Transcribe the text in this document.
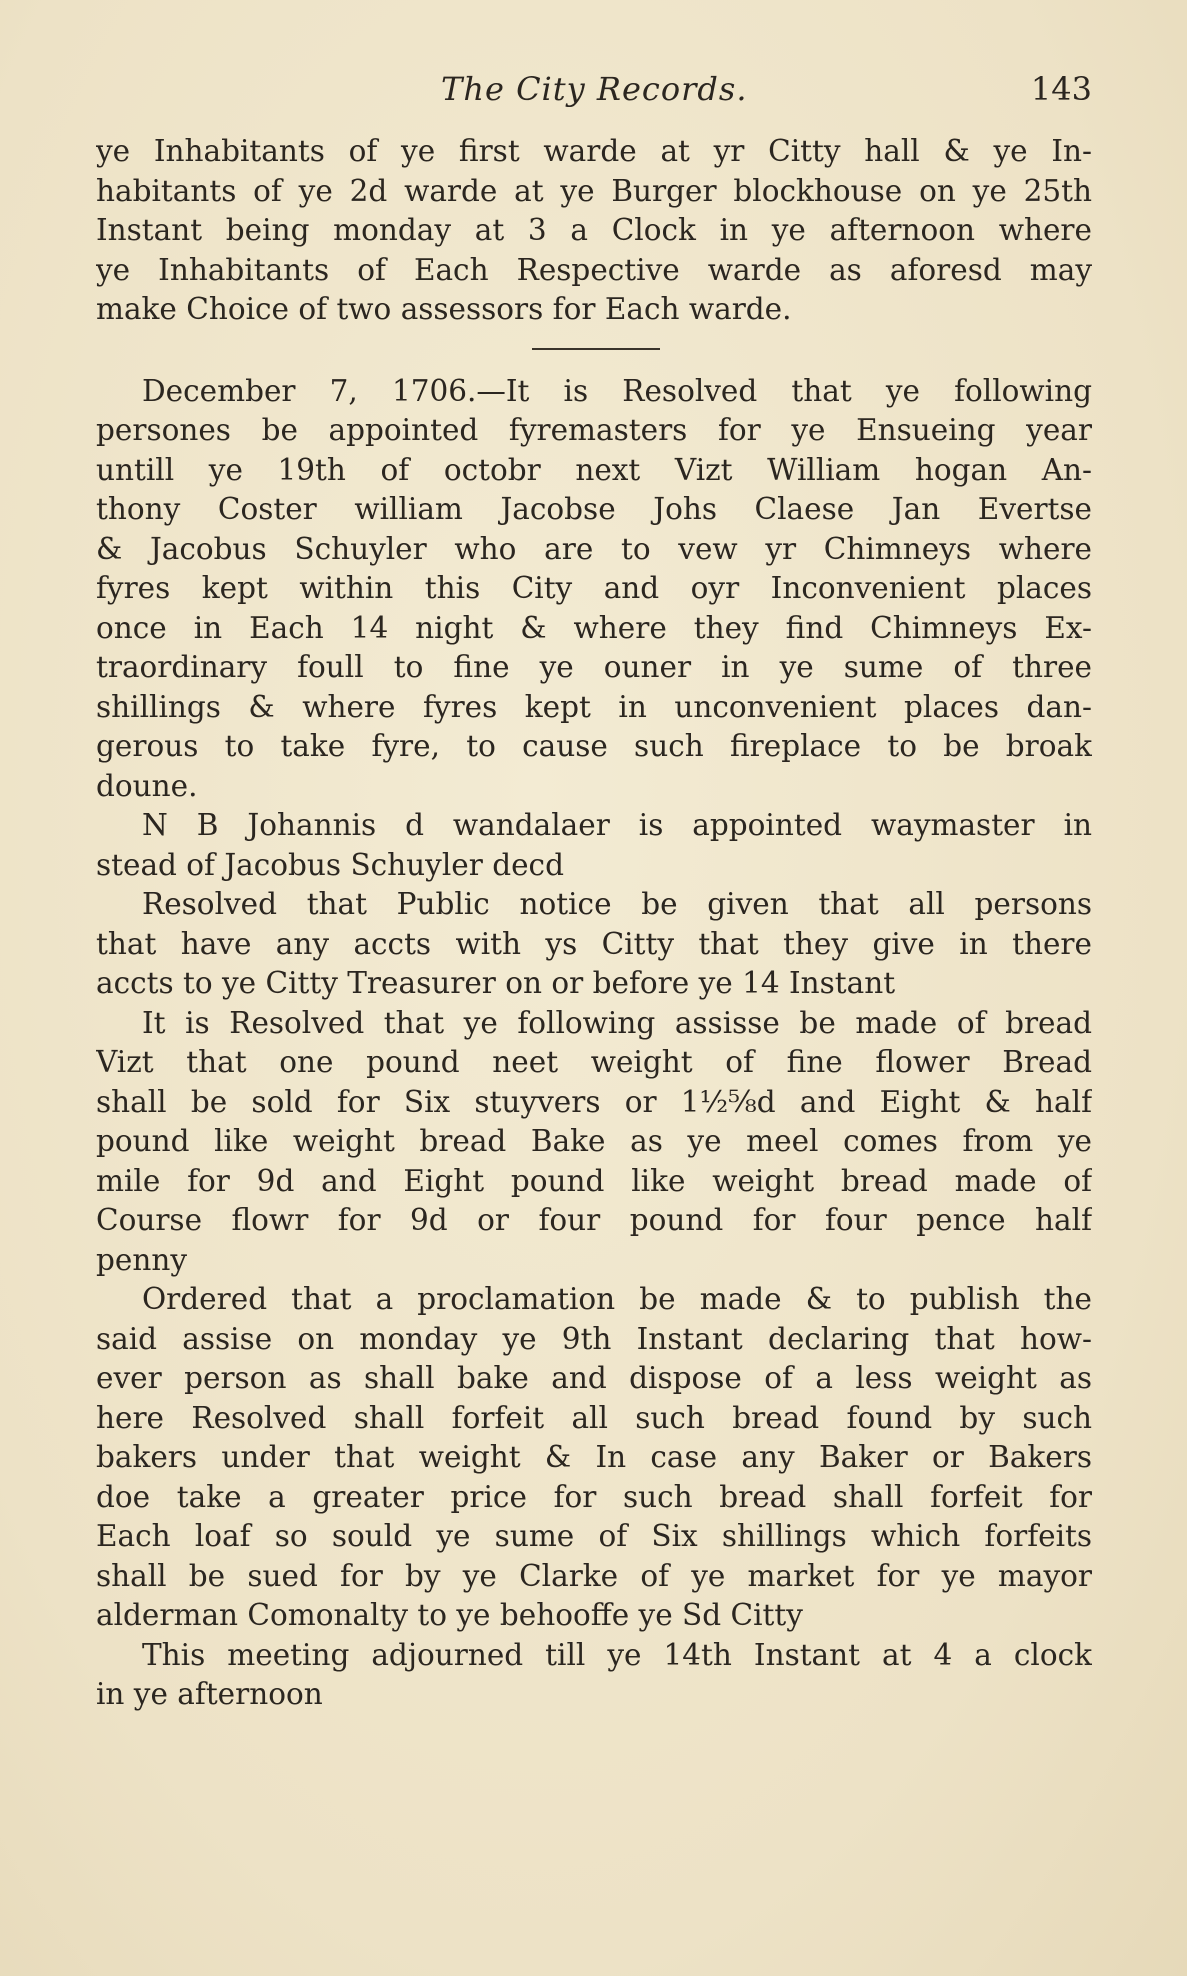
The City Records.	143
ye Inhabitants of ye first warde at yr Citty hall & ye In-
habitants of ye 2d warde at ye Burger blockhouse on ye 25th
Instant being monday at 3 a Clock in ye afternoon where
ye Inhabitants of Each Respective warde as aforesd may
make Choice of two assessors for Each warde.
December 7, 1706.—It is Resolved that ye following
persones be appointed fyremasters for ye Ensueing year
untill ye 19th of octobr next Vizt William hogan An-
thony Coster william Jacobse Johs Claese Jan Evertse
& Jacobus Schuyler who are to vew yr Chimneys where
fyres kept within this City and oyr Inconvenient places
once in Each 14 night & where they find Chimneys Ex-
traordinary foull to fine ye ouner in ye sume of three
shillings & where fyres kept in unconvenient places dan-
gerous to take fyre, to cause such fireplace to be broak
doune.
N B Johannis d wandalaer is appointed waymaster in
stead of Jacobus Schuyler decd
Resolved that Public notice be given that all persons
that have any accts with ys Citty that they give in there
accts to ye Citty Treasurer on or before ye 14 Instant
It is Resolved that ye following assisse be made of bread
Vizt that one pound neet weight of fine flower Bread
shall be sold for Six stuyvers or 1½⅝d and Eight & half
pound like weight bread Bake as ye meel comes from ye
mile for 9d and Eight pound like weight bread made of
Course flowr for 9d or four pound for four pence half
penny
Ordered that a proclamation be made & to publish the
said assise on monday ye 9th Instant declaring that how-
ever person as shall bake and dispose of a less weight as
here Resolved shall forfeit all such bread found by such
bakers under that weight & In case any Baker or Bakers
doe take a greater price for such bread shall forfeit for
Each loaf so sould ye sume of Six shillings which forfeits
shall be sued for by ye Clarke of ye market for ye mayor
alderman Comonalty to ye behooffe ye Sd Citty
This meeting adjourned till ye 14th Instant at 4 a clock
in ye afternoon
